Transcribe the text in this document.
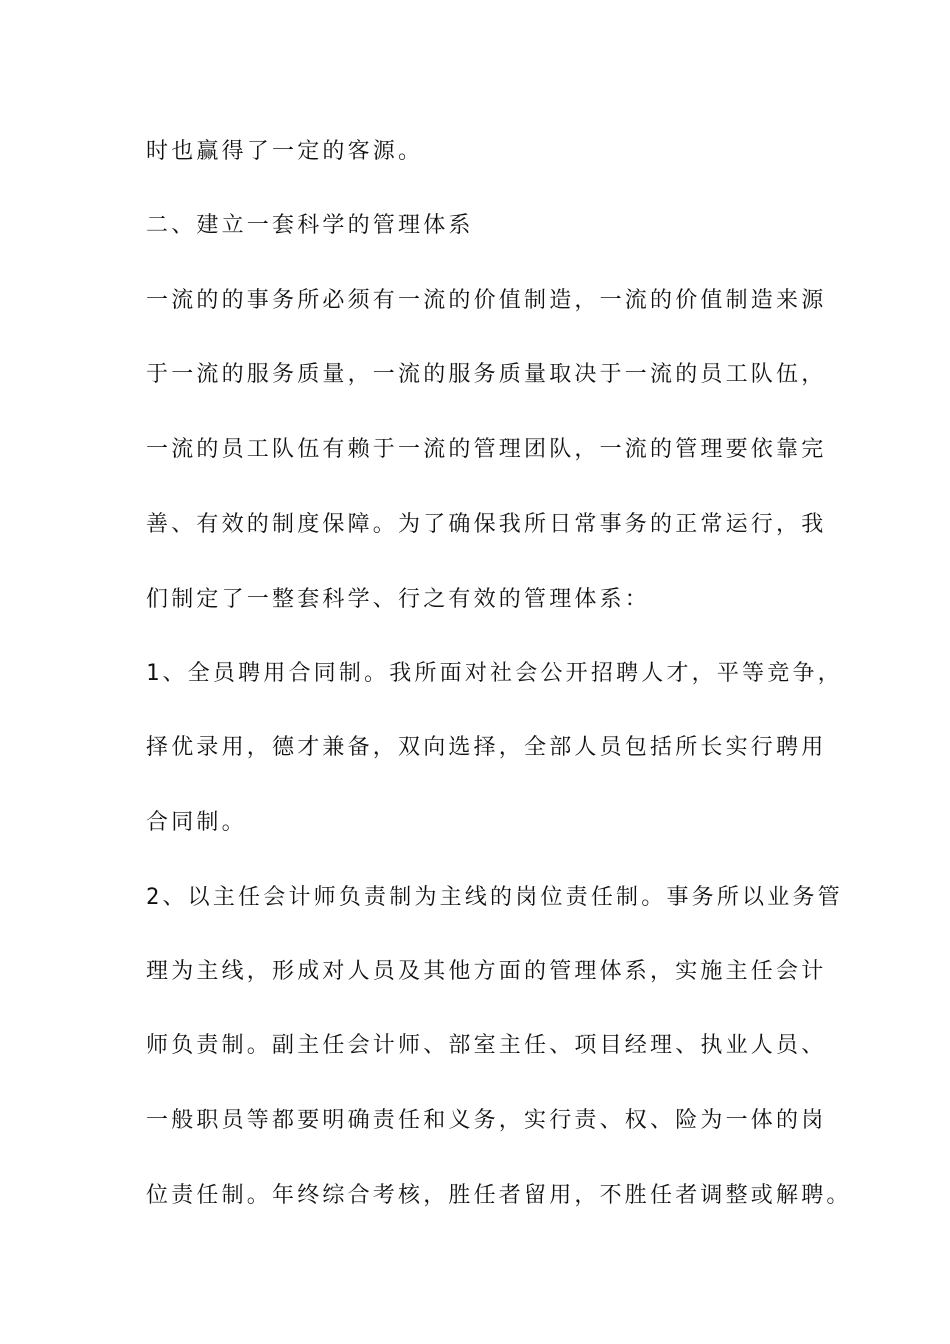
时也赢得了一定的客源。
二、建立一套科学的管理体系
一流的的事务所必须有一流的价值制造，一流的价值制造来源
于一流的服务质量，一流的服务质量取决于一流的员工队伍，
一流的员工队伍有赖于一流的管理团队，一流的管理要依靠完
善、有效的制度保障。为了确保我所日常事务的正常运行，我
们制定了一整套科学、行之有效的管理体系：
1、全员聘用合同制。我所面对社会公开招聘人才，平等竞争，
择优录用，德才兼备，双向选择，全部人员包括所长实行聘用
合同制。
2、以主任会计师负责制为主线的岗位责任制。事务所以业务管
理为主线，形成对人员及其他方面的管理体系，实施主任会计
师负责制。副主任会计师、部室主任、项目经理、执业人员、
一般职员等都要明确责任和义务，实行责、权、险为一体的岗
位责任制。年终综合考核，胜任者留用，不胜任者调整或解聘。
